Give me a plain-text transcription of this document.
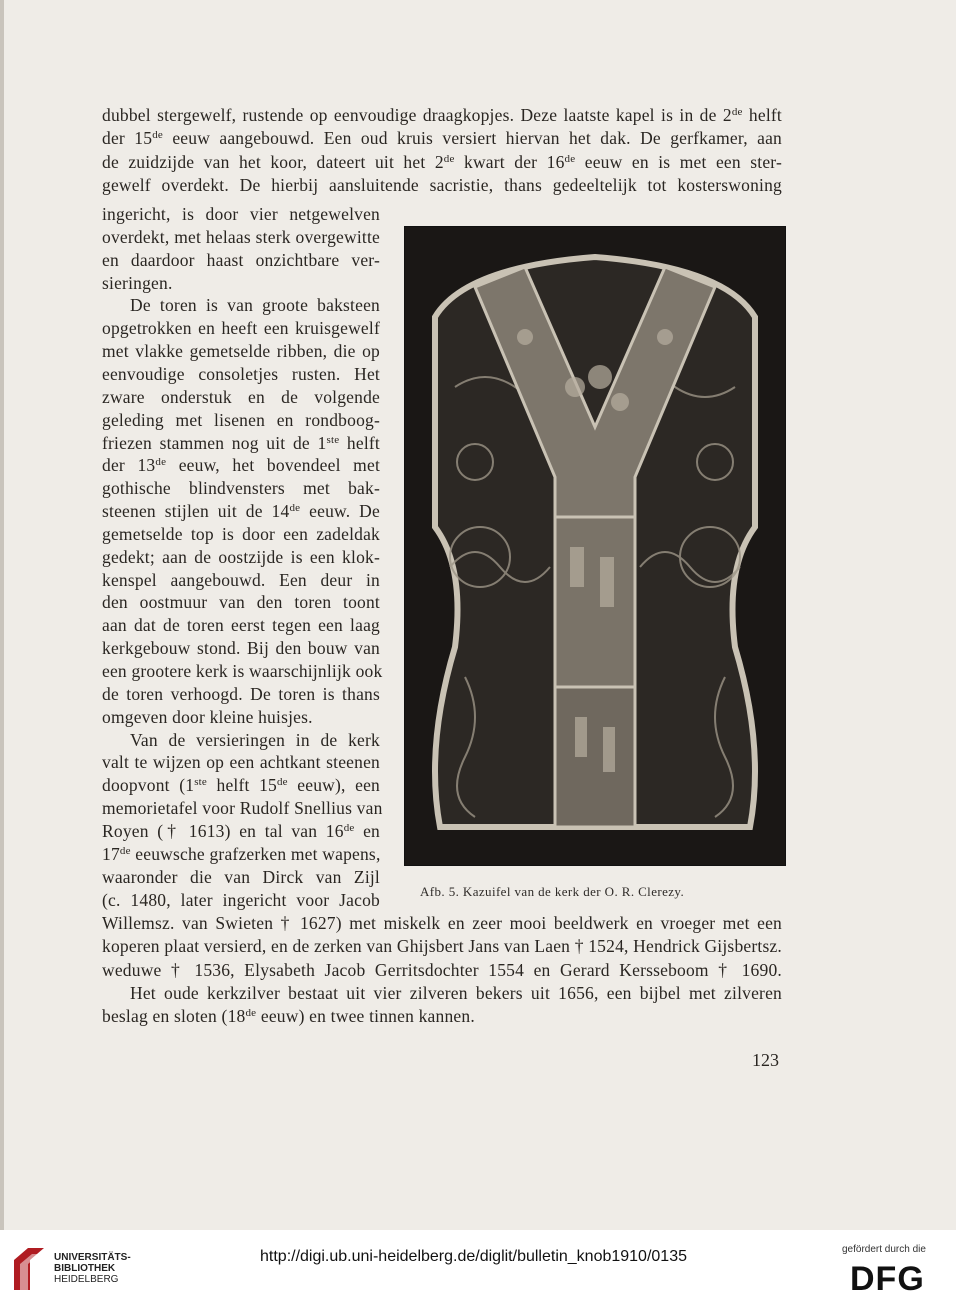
dubbel stergewelf, rustende op eenvoudige draagkopjes. Deze laatste kapel is in de 2de helft
der 15de eeuw aangebouwd. Een oud kruis versiert hiervan het dak. De gerfkamer, aan
de zuidzijde van het koor, dateert uit het 2de kwart der 16de eeuw en is met een ster-
gewelf overdekt. De hierbij aansluitende sacristie, thans gedeeltelijk tot kosterswoning
ingericht, is door vier netgewelven
overdekt, met helaas sterk overgewitte
en daardoor haast onzichtbare ver-
sieringen.
De toren is van groote baksteen
opgetrokken en heeft een kruisgewelf
met vlakke gemetselde ribben, die op
eenvoudige consoletjes rusten. Het
zware onderstuk en de volgende
geleding met lisenen en rondboog-
friezen stammen nog uit de 1ste helft
der 13de eeuw, het bovendeel met
gothische blindvensters met bak-
steenen stijlen uit de 14de eeuw. De
gemetselde top is door een zadeldak
gedekt; aan de oostzijde is een klok-
kenspel aangebouwd. Een deur in
den oostmuur van den toren toont
aan dat de toren eerst tegen een laag
kerkgebouw stond. Bij den bouw van
een grootere kerk is waarschijnlijk ook
de toren verhoogd. De toren is thans
omgeven door kleine huisjes.
Van de versieringen in de kerk
valt te wijzen op een achtkant steenen
doopvont (1ste helft 15de eeuw), een
memorietafel voor Rudolf Snellius van
Royen († 1613) en tal van 16de en
17de eeuwsche grafzerken met wapens,
waaronder die van Dirck van Zijl
(c. 1480, later ingericht voor Jacob
Willemsz. van Swieten † 1627) met miskelk en zeer mooi beeldwerk en vroeger met een
koperen plaat versierd, en de zerken van Ghijsbert Jans van Laen † 1524, Hendrick Gijsbertsz.
weduwe † 1536, Elysabeth Jacob Gerritsdochter 1554 en Gerard Kersseboom † 1690.
Het oude kerkzilver bestaat uit vier zilveren bekers uit 1656, een bijbel met zilveren
beslag en sloten (18de eeuw) en twee tinnen kannen.
Afb. 5. Kazuifel van de kerk der O. R. Clerezy.
123
UNIVERSITÄTS-
BIBLIOTHEK
HEIDELBERG
http://digi.ub.uni-heidelberg.de/diglit/bulletin_knob1910/0135	gefördert durch die
DFG
